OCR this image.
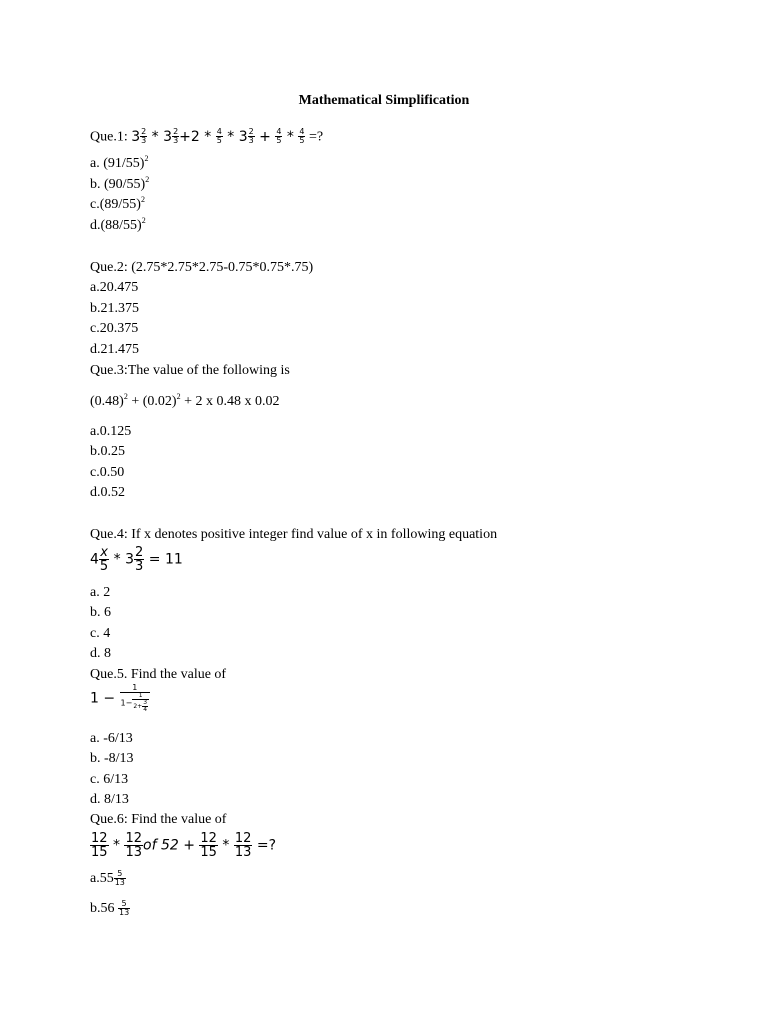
Mathematical Simplification
Que.1: $3 \frac{2}{3} * 3 \frac{2}{3} +2 * \frac{4}{5} * 3 \frac{2}{3} + \frac{4}{5} * \frac{4}{5}$ =?
a. $(91/55)^2$
b. $(90/55)^2$
$c.(89/55)^2$
$d.(88/55)^2$
Que.2: (2.75*2.75*2.75-0.75*0.75*.75)
a.20.475
b.21.375
c.20.375
d.21.475
Que.3:The value of the following is
$(0.48)^2 + (0.02)^2 + 2$ x 0.48 x 0.02
a.0.125
b.0.25
c.0.50
d.0.52
Que.4: If x denotes positive integer find value of x in following equation
$4 \frac{x}{5} * 3 \frac{2}{3} = 11$
a. 2
b. 6
c. 4
d. 8
Que.5. Find the value of
$1 - \frac{1}{1- \frac{1}{2+ \frac{3}{4}}}$
a. -6/13
b. -8/13
c. 6/13
d. 8/13
Que.6: Find the value of
$\frac{12}{15} * \frac{12}{13}$ of $52 + \frac{12}{15} * \frac{12}{13}$ =?
$a.55 \frac{5}{13}$
$b.56 \frac{5}{13}$
